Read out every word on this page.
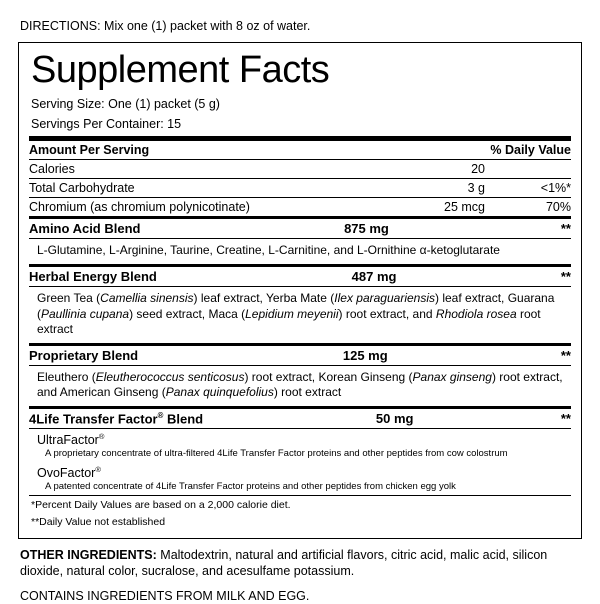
DIRECTIONS: Mix one (1) packet with 8 oz of water.
Supplement Facts
Serving Size: One (1) packet (5 g)
Servings Per Container: 15
Amount Per Serving		% Daily Value
Calories	20	
Total Carbohydrate	3 g	<1%*
Chromium (as chromium polynicotinate)	25 mcg	70%
Amino Acid Blend	875 mg	**
L-Glutamine, L-Arginine, Taurine, Creatine, L-Carnitine, and L-Ornithine α-ketoglutarate
Herbal Energy Blend	487 mg	**
Green Tea (Camellia sinensis) leaf extract, Yerba Mate (Ilex paraguariensis) leaf extract, Guarana (Paullinia cupana) seed extract, Maca (Lepidium meyenii) root extract, and Rhodiola rosea root extract
Proprietary Blend	125 mg	**
Eleuthero (Eleutherococcus senticosus) root extract, Korean Ginseng (Panax ginseng) root extract, and American Ginseng (Panax quinquefolius) root extract
4Life Transfer Factor® Blend	50 mg	**
UltraFactor®
A proprietary concentrate of ultra-filtered 4Life Transfer Factor proteins and other peptides from cow colostrum
OvoFactor®
A patented concentrate of 4Life Transfer Factor proteins and other peptides from chicken egg yolk
*Percent Daily Values are based on a 2,000 calorie diet.
**Daily Value not established
OTHER INGREDIENTS: Maltodextrin, natural and artificial flavors, citric acid, malic acid, silicon dioxide, natural color, sucralose, and acesulfame potassium.
CONTAINS INGREDIENTS FROM MILK AND EGG.
